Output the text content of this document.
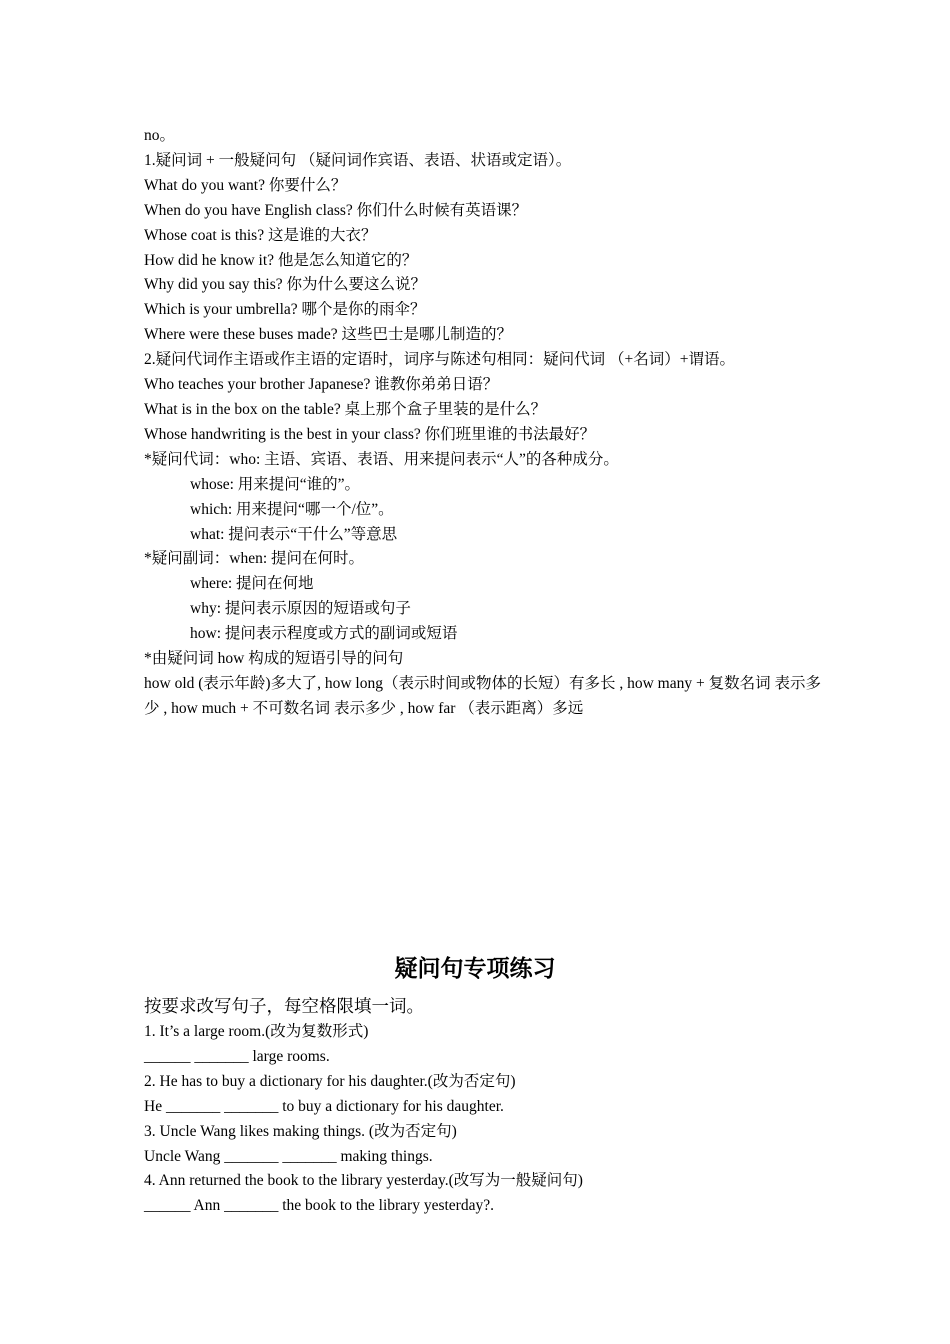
no。
1.疑问词 + 一般疑问句 （疑问词作宾语、表语、状语或定语）。
What do you want? 你要什么？
When do you have English class? 你们什么时候有英语课？
Whose coat is this? 这是谁的大衣？
How did he know it? 他是怎么知道它的？
Why did you say this? 你为什么要这么说？
Which is your umbrella? 哪个是你的雨伞？
Where were these buses made? 这些巴士是哪儿制造的？
2.疑问代词作主语或作主语的定语时，词序与陈述句相同：疑问代词 （+名词）+谓语。
Who teaches your brother Japanese? 谁教你弟弟日语？
What is in the box on the table? 桌上那个盒子里装的是什么？
Whose handwriting is the best in your class? 你们班里谁的书法最好？
*疑问代词：who: 主语、宾语、表语、用来提问表示“人”的各种成分。
whose: 用来提问“谁的”。
which: 用来提问“哪一个/位”。
what: 提问表示“干什么”等意思
*疑问副词：when: 提问在何时。
where: 提问在何地
why: 提问表示原因的短语或句子
how: 提问表示程度或方式的副词或短语
*由疑问词 how 构成的短语引导的问句
how old (表示年龄)多大了, how long（表示时间或物体的长短）有多长 , how many + 复数名词 表示多少 , how much + 不可数名词 表示多少 , how far （表示距离）多远
疑问句专项练习
按要求改写句子，每空格限填一词。
1. It’s a large room.(改为复数形式)
______ _______ large rooms.
2. He has to buy a dictionary for his daughter.(改为否定句)
He _______ _______ to buy a dictionary for his daughter.
3. Uncle Wang likes making things. (改为否定句)
Uncle Wang _______ _______ making things.
4. Ann returned the book to the library yesterday.(改写为一般疑问句)
______ Ann _______ the book to the library yesterday?.
